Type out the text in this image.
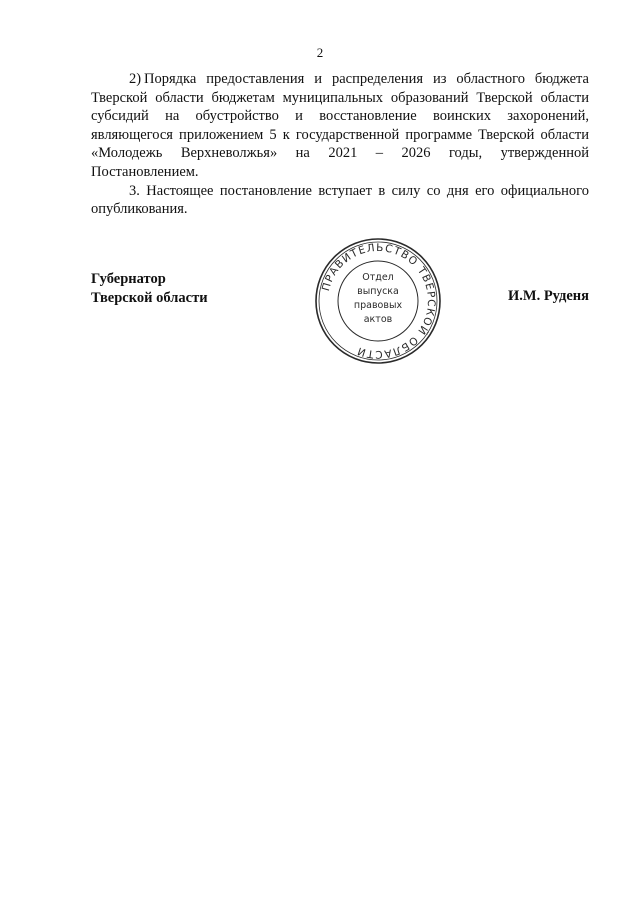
2

2) Порядка предоставления и распределения из областного бюджета Тверской области бюджетам муниципальных образований Тверской области субсидий на обустройство и восстановление воинских захоронений, являющегося приложением 5 к государственной программе Тверской области «Молодежь Верхневолжья» на 2021 – 2026 годы, утвержденной Постановлением.

3. Настоящее постановление вступает в силу со дня его официального опубликования.

Губернатор
Тверской области
ПРАВИТЕЛЬСТВО ТВЕРСКОЙ ОБЛАСТИ
Отдел
выпуска
правовых
актов
И.М. Руденя
